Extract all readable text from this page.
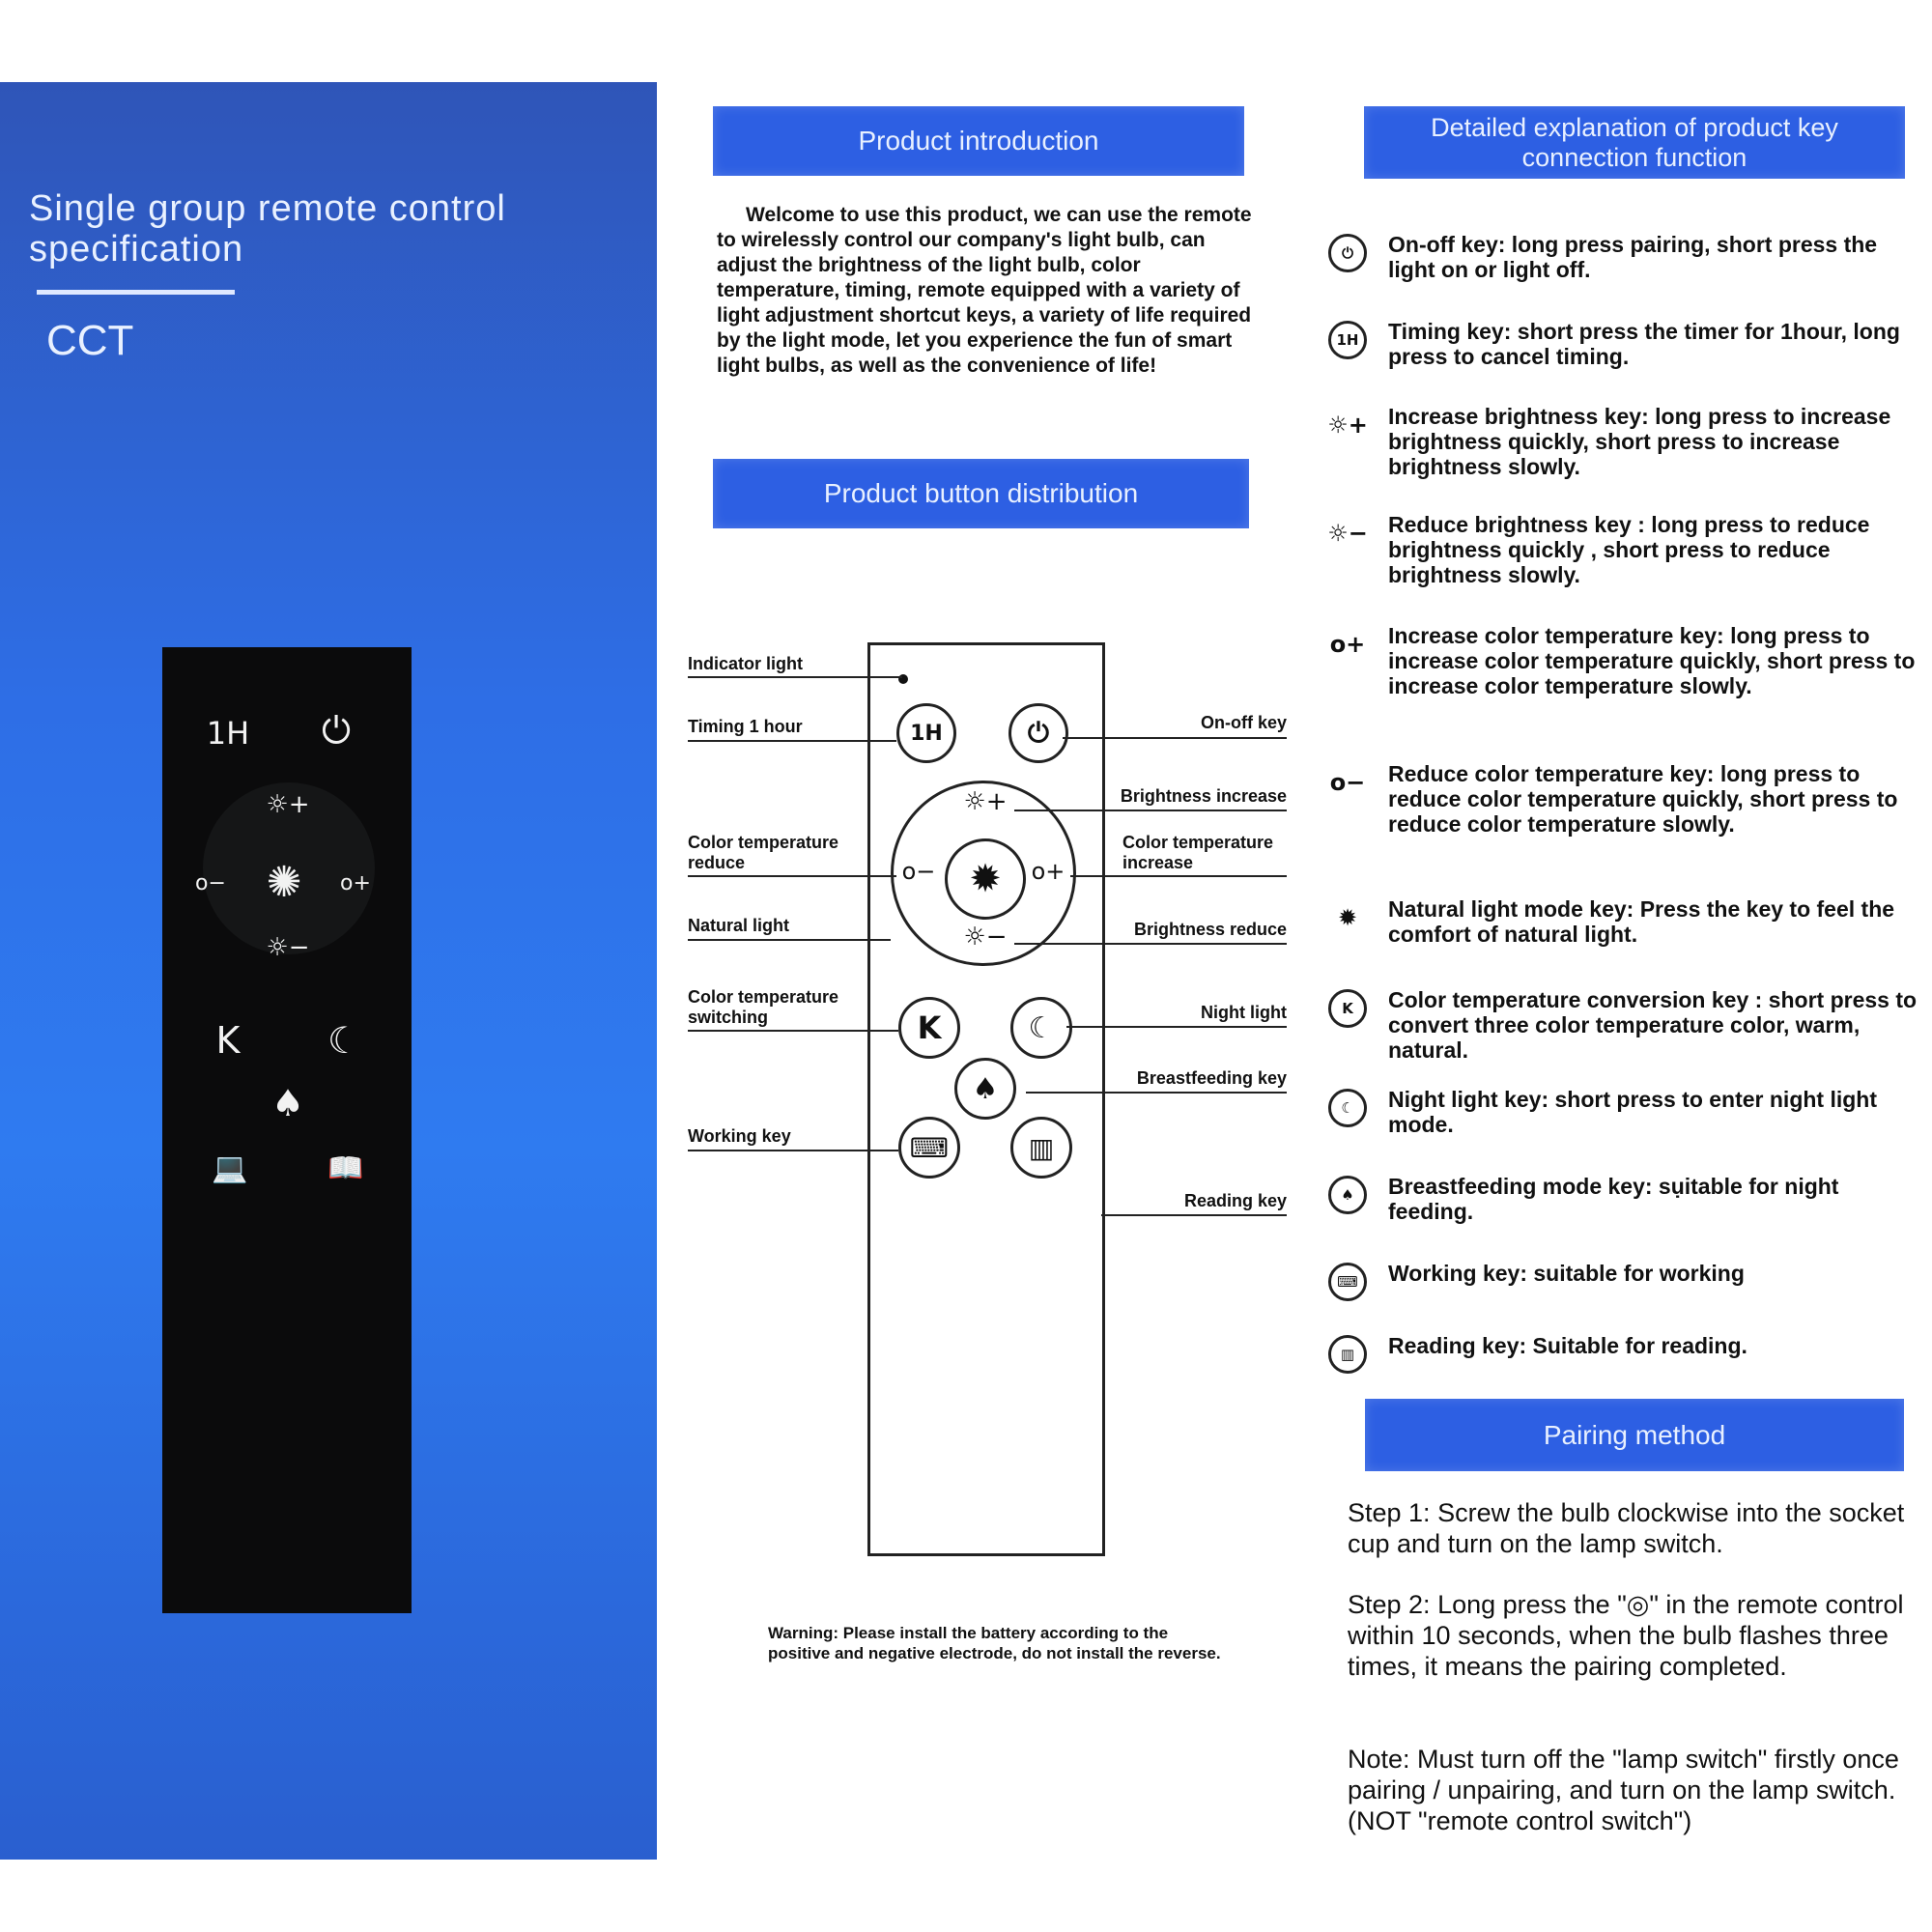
Single group remote control specification
CCT
1H	⏻
☼+
o− ✺	o+
☼−
K	☾
♠
💻	📖
Product introduction
Welcome to use this product, we can use the remote to wirelessly control our company's light bulb, can adjust the brightness of the light bulb, color temperature, timing, remote equipped with a variety of light adjustment shortcut keys, a variety of life required by the light mode, let you experience the fun of smart light bulbs, as well as the convenience of life!
Product button distribution
1H	⏻
☼+
o− ✹	o+
☼−
K	☾
♠
⌨	▥
Indicator light
Timing 1 hour
Color temperature reduce
Natural light
Color temperature switching
Working key
On-off key
Brightness increase
Color temperature increase
Brightness reduce
Night light
Breastfeeding key
Reading key
Warning: Please install the battery according to the positive and negative electrode, do not install the reverse.
Detailed explanation of product key connection function
⏻	On-off key: long press pairing, short press the light on or light off.
1H	Timing key: short press the timer for 1hour, long press to cancel timing.
☼+ Increase brightness key: long press to increase brightness quickly, short press to increase brightness slowly.
☼− Reduce brightness key : long press to reduce brightness quickly , short press to reduce brightness slowly.
o+ Increase color temperature key: long press to increase color temperature quickly, short press to increase color temperature slowly.
o− Reduce color temperature key: long press to reduce color temperature quickly, short press to reduce color temperature slowly.
✹	Natural light mode key: Press the key to feel the comfort of natural light.
K	Color temperature conversion key : short press to convert three color temperature color, warm, natural.
☾	Night light key: short press to enter night light mode.
♠	Breastfeeding mode key: sụitable for night feeding.
⌨	Working key: suitable for working
▥	Reading key: Suitable for reading.
Pairing method
Step 1: Screw the bulb clockwise into the socket cup and turn on the lamp switch.
Step 2: Long press the "◎" in the remote control within 10 seconds, when the bulb flashes three times, it means the pairing completed.
Note: Must turn off the "lamp switch" firstly once pairing / unpairing, and turn on the lamp switch. (NOT "remote control switch")
